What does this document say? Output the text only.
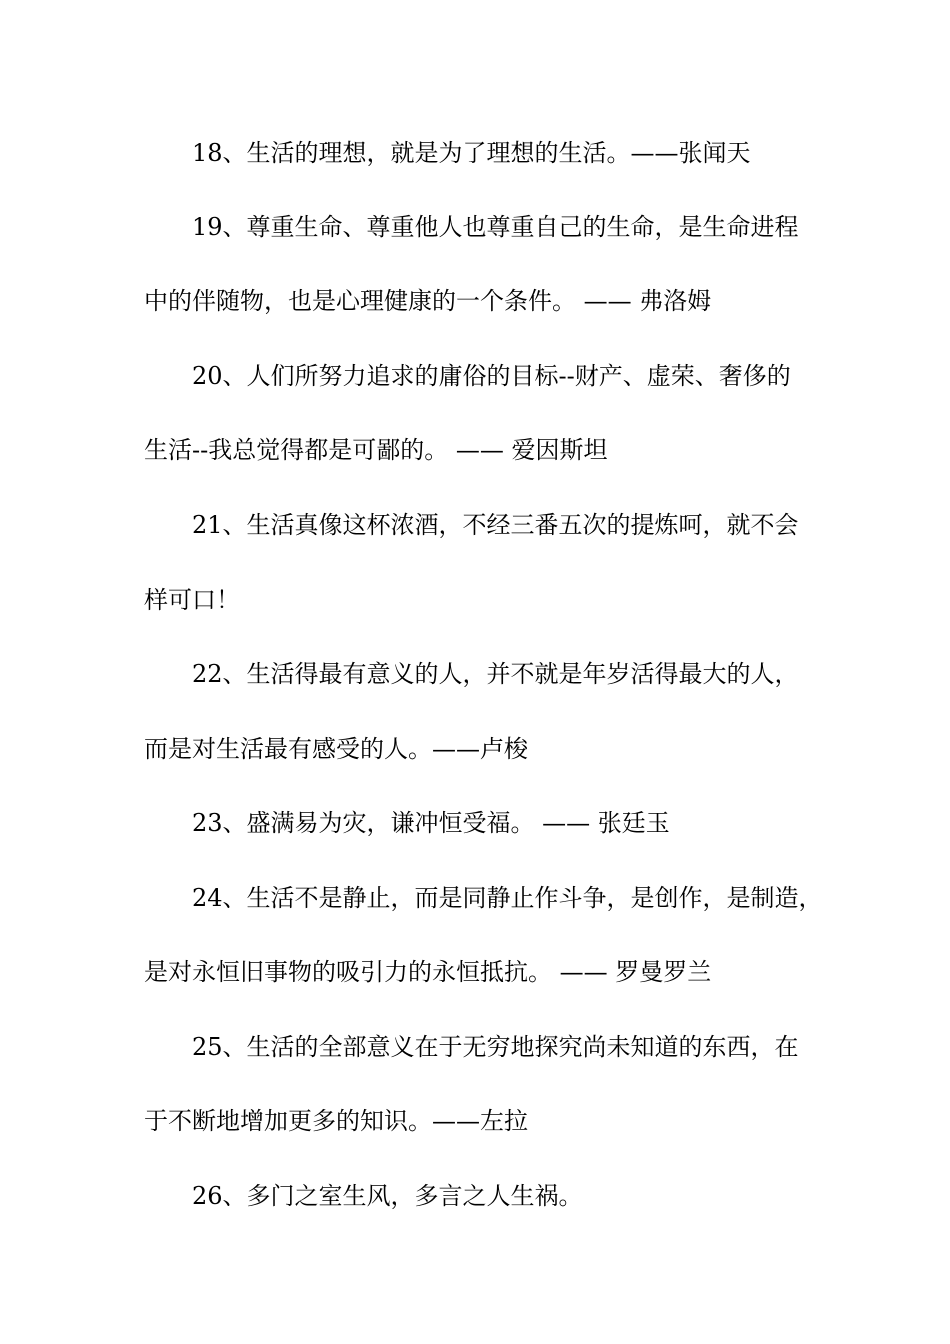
18、生活的理想，就是为了理想的生活。——张闻天

19、尊重生命、尊重他人也尊重自己的生命，是生命进程

中的伴随物，也是心理健康的一个条件。 —— 弗洛姆

20、人们所努力追求的庸俗的目标--财产、虚荣、奢侈的

生活--我总觉得都是可鄙的。 —— 爱因斯坦

21、生活真像这杯浓酒，不经三番五次的提炼呵，就不会

样可口！

22、生活得最有意义的人，并不就是年岁活得最大的人，

而是对生活最有感受的人。——卢梭

23、盛满易为灾，谦冲恒受福。 —— 张廷玉

24、生活不是静止，而是同静止作斗争，是创作，是制造，

是对永恒旧事物的吸引力的永恒抵抗。 —— 罗曼罗兰

25、生活的全部意义在于无穷地探究尚未知道的东西，在

于不断地增加更多的知识。——左拉

26、多门之室生风，多言之人生祸。
